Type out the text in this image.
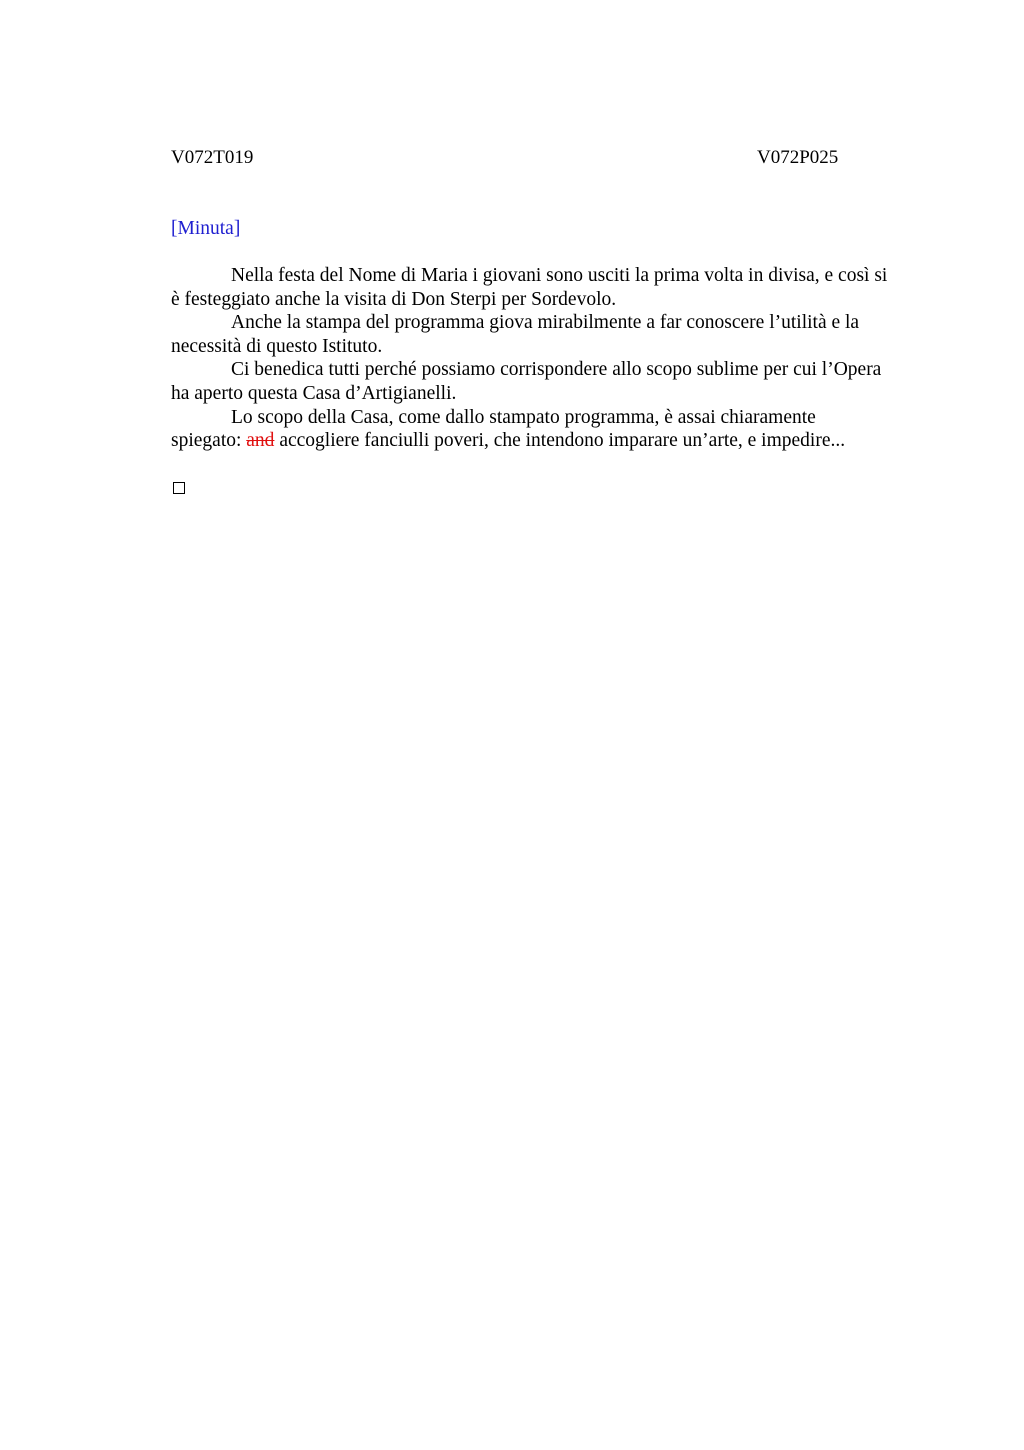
V072T019	V072P025
[Minuta]

Nella festa del Nome di Maria i giovani sono usciti la prima volta in divisa, e così si
è festeggiato anche la visita di Don Sterpi per Sordevolo.

Anche la stampa del programma giova mirabilmente a far conoscere l’utilità e la
necessità di questo Istituto.

Ci benedica tutti perché possiamo corrispondere allo scopo sublime per cui l’Opera
ha aperto questa Casa d’Artigianelli.

Lo scopo della Casa, come dallo stampato programma, è assai chiaramente
spiegato: and accogliere fanciulli poveri, che intendono imparare un’arte, e impedire...
